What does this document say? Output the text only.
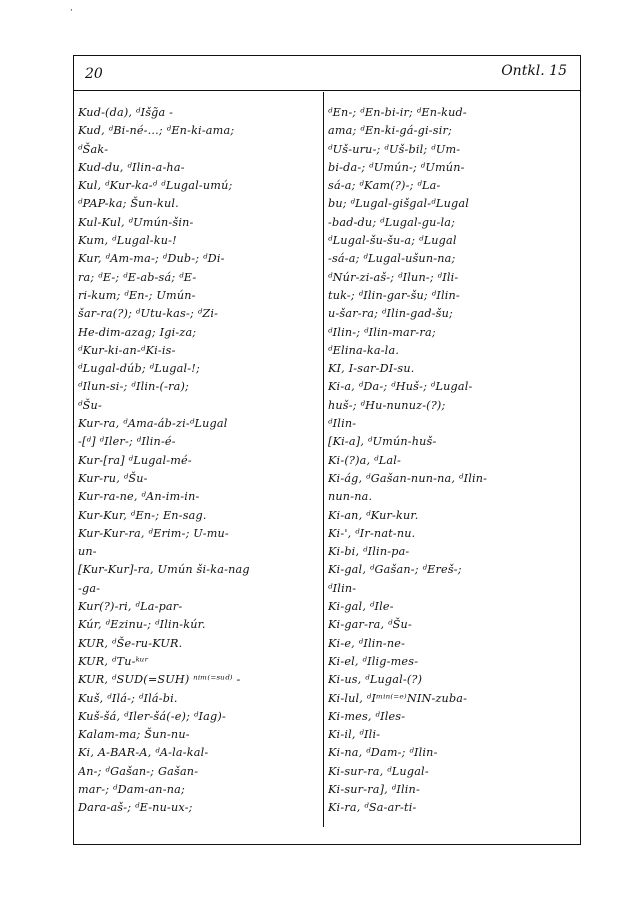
·
20	Ontkl. 15
Kud-(da), ᵈIšg̃a -
Kud, ᵈBi-né-...; ᵈEn-ki-ama;
ᵈŠak-
Kud-du, ᵈIlin-a-ha-
Kul, ᵈKur-ka-ᵈ ᵈLugal-umú;
ᵈPAP-ka; Šun-kul.
Kul-Kul, ᵈUmún-šin-
Kum, ᵈLugal-ku-!
Kur, ᵈAm-ma-; ᵈDub-; ᵈDi-
ra; ᵈE-; ᵈE-ab-sá; ᵈE-
ri-kum; ᵈEn-; Umún-
šar-ra(?); ᵈUtu-kas-; ᵈZi-
He-dim-azag; Igi-za;
ᵈKur-ki-an-ᵈKi-is-
ᵈLugal-dúb; ᵈLugal-!;
ᵈIlun-si-; ᵈIlin-(-ra);
ᵈŠu-
Kur-ra, ᵈAma-áb-zi-ᵈLugal
-[ᵈ] ᵈIler-; ᵈIlin-é-
Kur-[ra] ᵈLugal-mé-
Kur-ru, ᵈŠu-
Kur-ra-ne, ᵈAn-im-in-
Kur-Kur, ᵈEn-; En-sag.
Kur-Kur-ra, ᵈErim-; U-mu-
un-
[Kur-Kur]-ra, Umún ši-ka-nag
-ga-
Kur(?)-ri, ᵈLa-par-
Kúr, ᵈEzinu-; ᵈIlin-kúr.
KUR, ᵈŠe-ru-KUR.
KUR, ᵈTu-ᵏᵘʳ
KUR, ᵈSUD(=SUH) ⁿⁱᵐ⁽⁼ˢᵘᵈ⁾ -
Kuš, ᵈIlá-; ᵈIlá-bi.
Kuš-šá, ᵈIler-šá(-e); ᵈIag)-
Kalam-ma; Šun-nu-
Ki, A-BAR-A, ᵈA-la-kal-
An-; ᵈGašan-; Gašan-
mar-; ᵈDam-an-na;
Dara-aš-; ᵈE-nu-ux-;
ᵈEn-; ᵈEn-bi-ir; ᵈEn-kud-
ama; ᵈEn-ki-gá-gi-sir;
ᵈUš-uru-; ᵈUš-bil; ᵈUm-
bi-da-; ᵈUmún-; ᵈUmún-
sá-a; ᵈKam(?)-; ᵈLa-
bu; ᵈLugal-gišgal-ᵈLugal
-bad-du; ᵈLugal-gu-la;
ᵈLugal-šu-šu-a; ᵈLugal
-sá-a; ᵈLugal-ušun-na;
ᵈNúr-zi-aš-; ᵈIlun-; ᵈIli-
tuk-; ᵈIlin-gar-šu; ᵈIlin-
u-šar-ra; ᵈIlin-gad-šu;
ᵈIlin-; ᵈIlin-mar-ra;
ᵈElina-ka-la.
KI, I-sar-DI-su.
Ki-a, ᵈDa-; ᵈHuš-; ᵈLugal-
huš-; ᵈHu-nunuz-(?);
ᵈIlin-
[Ki-a], ᵈUmún-huš-
Ki-(?)a, ᵈLal-
Ki-ág, ᵈGašan-nun-na, ᵈIlin-
nun-na.
Ki-an, ᵈKur-kur.
Ki-', ᵈIr-nat-nu.
Ki-bi, ᵈIlin-pa-
Ki-gal, ᵈGašan-; ᵈEreš-;
ᵈIlin-
Ki-gal, ᵈIle-
Ki-gar-ra, ᵈŠu-
Ki-e, ᵈIlin-ne-
Ki-el, ᵈIlig-mes-
Ki-us, ᵈLugal-(?)
Ki-lul, ᵈIᵐⁱⁿ⁽⁼ᵉ⁾NIN-zuba-
Ki-mes, ᵈIles-
Ki-il, ᵈIli-
Ki-na, ᵈDam-; ᵈIlin-
Ki-sur-ra, ᵈLugal-
Ki-sur-ra], ᵈIlin-
Ki-ra, ᵈSa-ar-ti-
